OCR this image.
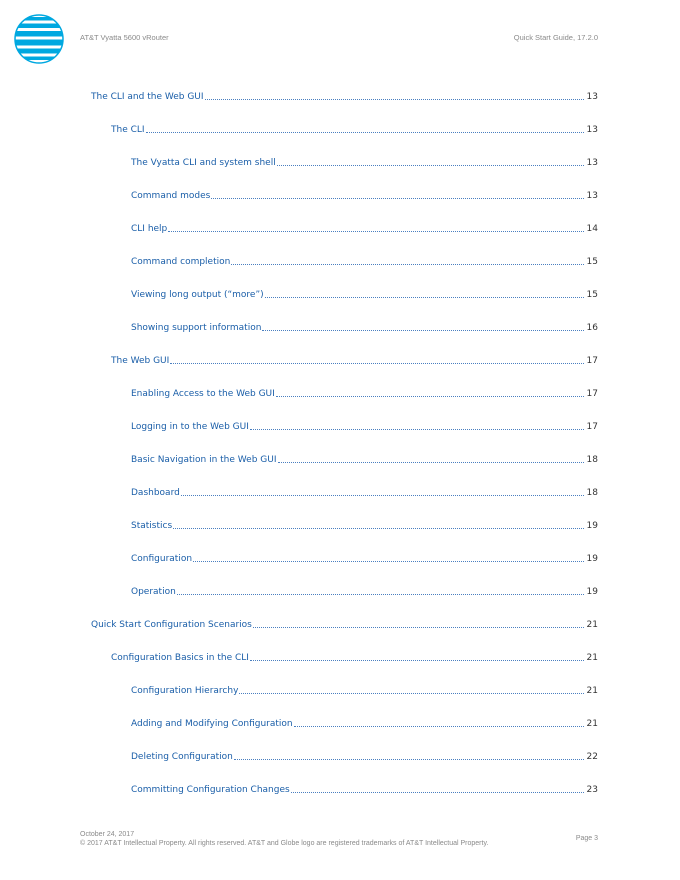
AT&T Vyatta 5600 vRouter	Quick Start Guide, 17.2.0
The CLI and the Web GUI	13
The CLI	13
The Vyatta CLI and system shell	13
Command modes	13
CLI help	14
Command completion	15
Viewing long output (“more”)	15
Showing support information	16
The Web GUI	17
Enabling Access to the Web GUI	17
Logging in to the Web GUI	17
Basic Navigation in the Web GUI	18
Dashboard	18
Statistics	19
Configuration	19
Operation	19
Quick Start Configuration Scenarios	21
Configuration Basics in the CLI	21
Configuration Hierarchy	21
Adding and Modifying Configuration	21
Deleting Configuration	22
Committing Configuration Changes	23
October 24, 2017
© 2017 AT&T Intellectual Property. All rights reserved. AT&T and Globe logo are registered trademarks of AT&T Intellectual Property.
Page 3
